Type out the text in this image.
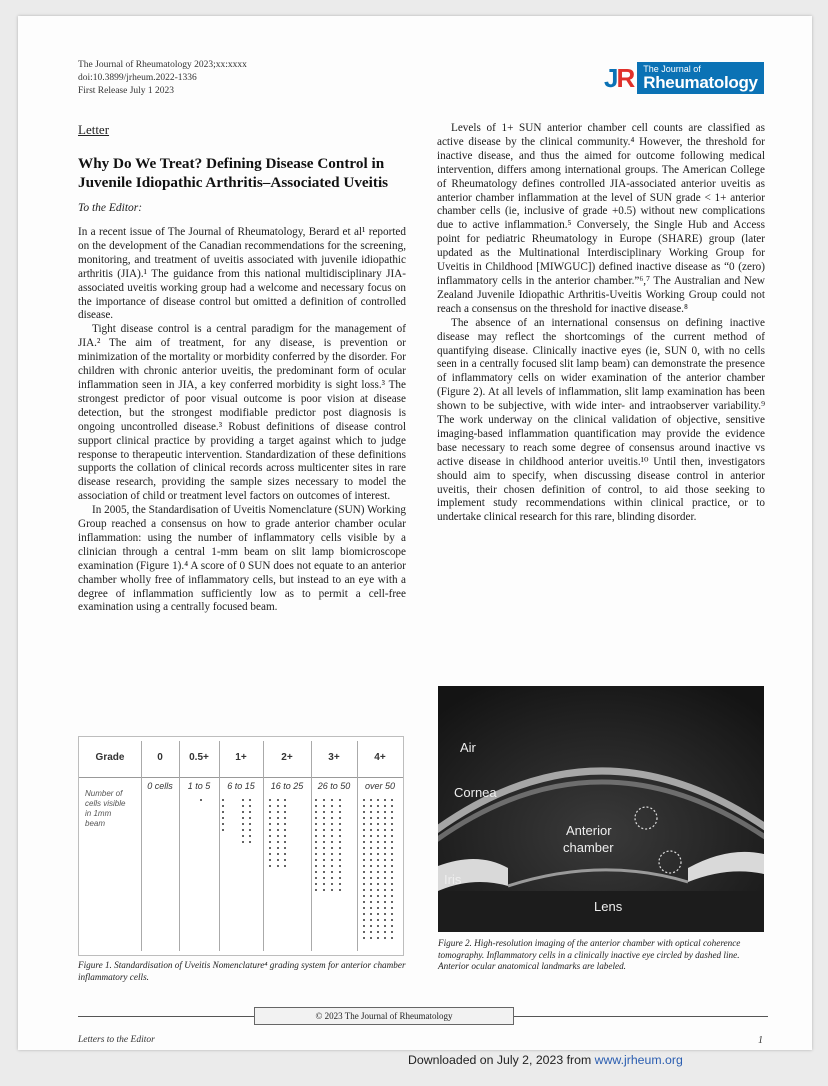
The Journal of Rheumatology 2023;xx:xxxx
doi:10.3899/jrheum.2022-1336
First Release July 1 2023	JR The Journal of
Rheumatology
Letter
Why Do We Treat? Defining Disease Control in Juvenile Idiopathic Arthritis–Associated Uveitis
To the Editor:

In a recent issue of The Journal of Rheumatology, Berard et al¹ reported on the development of the Canadian recommendations for the screening, monitoring, and treatment of uveitis associated with juvenile idiopathic arthritis (JIA).¹ The guidance from this national multidisciplinary JIA-associated uveitis working group had a welcome and necessary focus on the importance of disease control but omitted a definition of controlled disease.

Tight disease control is a central paradigm for the management of JIA.² The aim of treatment, for any disease, is prevention or minimization of the mortality or morbidity conferred by the disorder. For children with chronic anterior uveitis, the predominant form of ocular inflammation seen in JIA, a key conferred morbidity is sight loss.³ The strongest predictor of poor visual outcome is poor vision at disease detection, but the strongest modifiable predictor post diagnosis is ongoing uncontrolled disease.³ Robust definitions of disease control support clinical practice by providing a target against which to judge response to therapeutic intervention. Standardization of these definitions supports the collation of clinical records across multicenter sites in rare disease research, providing the sample sizes necessary to model the association of child or treatment level factors on outcomes of interest.

In 2005, the Standardisation of Uveitis Nomenclature (SUN) Working Group reached a consensus on how to grade anterior chamber ocular inflammation: using the number of inflammatory cells visible by a clinician through a central 1-mm beam on slit lamp biomicroscope examination (Figure 1).⁴ A score of 0 SUN does not equate to an anterior chamber wholly free of inflammatory cells, but instead to an eye with a degree of inflammation sufficiently low as to permit a cell-free examination using a centrally focused beam.

Levels of 1+ SUN anterior chamber cell counts are classified as active disease by the clinical community.⁴ However, the threshold for inactive disease, and thus the aimed for outcome following medical intervention, differs among international groups. The American College of Rheumatology defines controlled JIA-associated anterior uveitis as anterior chamber inflammation at the level of SUN grade < 1+ anterior chamber cells (ie, inclusive of grade +0.5) without new complications due to active inflammation.⁵ Conversely, the Single Hub and Access point for pediatric Rheumatology in Europe (SHARE) group (later updated as the Multinational Interdisciplinary Working Group for Uveitis in Childhood [MIWGUC]) defined inactive disease as “0 (zero) inflammatory cells in the anterior chamber.”⁶,⁷ The Australian and New Zealand Juvenile Idiopathic Arthritis-Uveitis Working Group could not reach a consensus on the threshold for inactive disease.⁸

The absence of an international consensus on defining inactive disease may reflect the shortcomings of the current method of quantifying disease. Clinically inactive eyes (ie, SUN 0, with no cells seen in a centrally focused slit lamp beam) can demonstrate the presence of inflammatory cells on wider examination of the anterior chamber (Figure 2). At all levels of inflammation, slit lamp examination has been shown to be subjective, with wide inter- and intraobserver variability.⁹ The work underway on the clinical validation of objective, sensitive imaging-based inflammation quantification may provide the evidence base necessary to reach some degree of consensus around inactive vs active disease in childhood anterior uveitis.¹⁰ Until then, investigators should aim to specify, when discussing disease control in anterior uveitis, their chosen definition of control, to aid those seeking to implement study recommendations within clinical practice, or to undertake clinical research for this rare, blinding disorder.

Grade	0	0.5+	1+	2+	3+	4+
Number of cells visible in 1mm beam
0 cells	1 to 5	6 to 15	16 to 25	26 to 50	over 50
Figure 1. Standardisation of Uveitis Nomenclature⁴ grading system for anterior chamber inflammatory cells.
Air
Cornea
Anterior
chamber
Iris
Lens
Figure 2. High-resolution imaging of the anterior chamber with optical coherence tomography. Inflammatory cells in a clinically inactive eye circled by dashed line. Anterior ocular anatomical landmarks are labeled.
© 2023 The Journal of Rheumatology
Letters to the Editor	1
Downloaded on July 2, 2023 from www.jrheum.org
